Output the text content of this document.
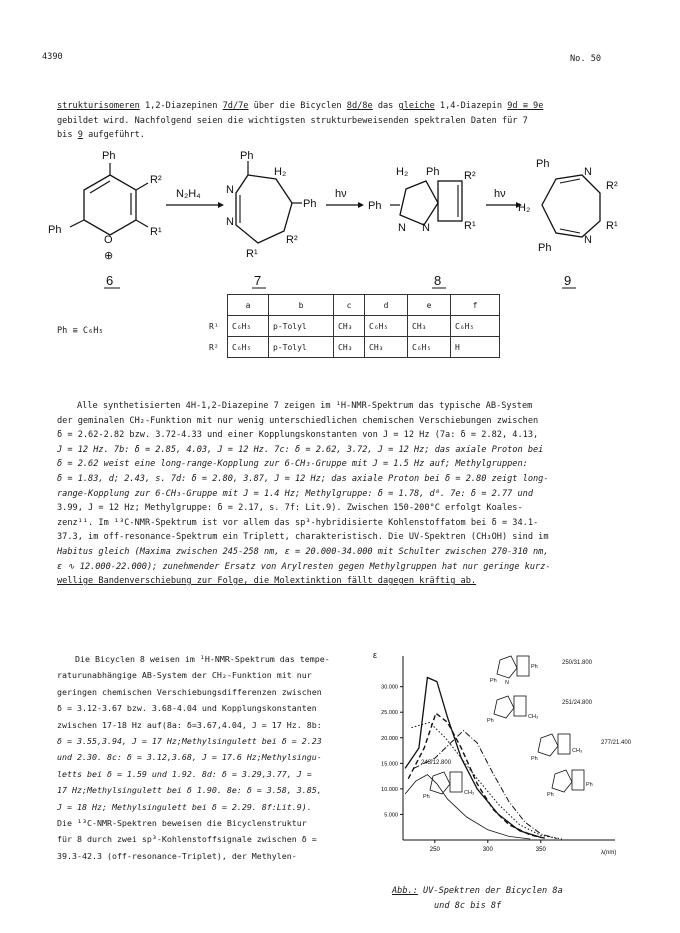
4390	No. 50
strukturisomeren 1,2-Diazepinen 7d/7e über die Bicyclen 8d/8e das gleiche 1,4-Diazepin 9d ≡ 9e
gebildet wird. Nachfolgend seien die wichtigsten strukturbeweisenden spektralen Daten für 7
bis 9 aufgeführt.
Ph
R²
Ph
O
R¹
⊕
6
N₂H₄
Ph
H₂
N
N
Ph
R¹
R²
7
hν
H₂ Ph R²
Ph
N N	R¹
8
hν
Ph
N
R²
H₂
N
R¹
Ph
9
Ph ≡ C₆H₅
	a	b	c	d	e	f
R¹	C₆H₅	p-Tolyl	CH₃	C₆H₅	CH₃	C₆H₅
R²	C₆H₅	p-Tolyl	CH₃	CH₃	C₆H₅	H
Alle synthetisierten 4H-1,2-Diazepine 7 zeigen im ¹H-NMR-Spektrum das typische AB-System
der geminalen CH₂-Funktion mit nur wenig unterschiedlichen chemischen Verschiebungen zwischen
δ = 2.62-2.82 bzw. 3.72-4.33 und einer Kopplungskonstanten von J = 12 Hz (7a: δ = 2.82, 4.13,
J = 12 Hz. 7b: δ = 2.85, 4.03, J = 12 Hz. 7c: δ = 2.62, 3.72, J = 12 Hz; das axiale Proton bei
δ = 2.62 weist eine long-range-Kopplung zur 6-CH₃-Gruppe mit J = 1.5 Hz auf; Methylgruppen:
δ = 1.83, d; 2.43, s. 7d: δ = 2.80, 3.87, J = 12 Hz; das axiale Proton bei δ = 2.80 zeigt long-
range-Kopplung zur 6-CH₃-Gruppe mit J = 1.4 Hz; Methylgruppe: δ = 1.78, d⁸. 7e: δ = 2.77 und
3.99, J = 12 Hz; Methylgruppe: δ = 2.17, s. 7f: Lit.9). Zwischen 150-200°C erfolgt Koales-
zenz¹¹. Im ¹³C-NMR-Spektrum ist vor allem das sp³-hybridisierte Kohlenstoffatom bei δ = 34.1-
37.3, im off-resonance-Spektrum ein Triplett, charakteristisch. Die UV-Spektren (CH₃OH) sind im
Habitus gleich (Maxima zwischen 245-258 nm, ε = 20.000-34.000 mit Schulter zwischen 270-310 nm,
ε ∿ 12.000-22.000); zunehmender Ersatz von Arylresten gegen Methylgruppen hat nur geringe kurz-
wellige Bandenverschiebung zur Folge, die Molextinktion fällt dagegen kräftig ab.
Die Bicyclen 8 weisen im ¹H-NMR-Spektrum das tempe-
raturunabhängige AB-System der CH₂-Funktion mit nur
geringen chemischen Verschiebungsdifferenzen zwischen
δ = 3.12-3.67 bzw. 3.68-4.04 und Kopplungskonstanten
zwischen 17-18 Hz auf(8a: δ=3.67,4.04, J = 17 Hz. 8b:
δ = 3.55,3.94, J = 17 Hz;Methylsingulett bei δ = 2.23
und 2.30. 8c: δ = 3.12,3.68, J = 17.6 Hz;Methylsingu-
letts bei δ = 1.59 und 1.92. 8d: δ = 3.29,3.77, J =
17 Hz;Methylsingulett bei δ 1.90. 8e: δ = 3.58, 3.85,
J = 18 Hz; Methylsingulett bei δ = 2.29. 8f:Lit.9).
Die ¹³C-NMR-Spektren beweisen die Bicyclenstruktur
für 8 durch zwei sp³-Kohlenstoffsignale zwischen δ =
39.3-42.3 (off-resonance-Triplet), der Methylen-
5.000
10.000
15.000
20.000
25.000
30.000
250	300	350
ε
λ(nm)
250/31.800
251/24.800
277/21.400
243/12.800
Ph N
Ph
Ph
CH₃
Ph
CH₃
Ph
Ph
Ph
CH₃
Abb.: UV-Spektren der Bicyclen 8a
und 8c bis 8f
